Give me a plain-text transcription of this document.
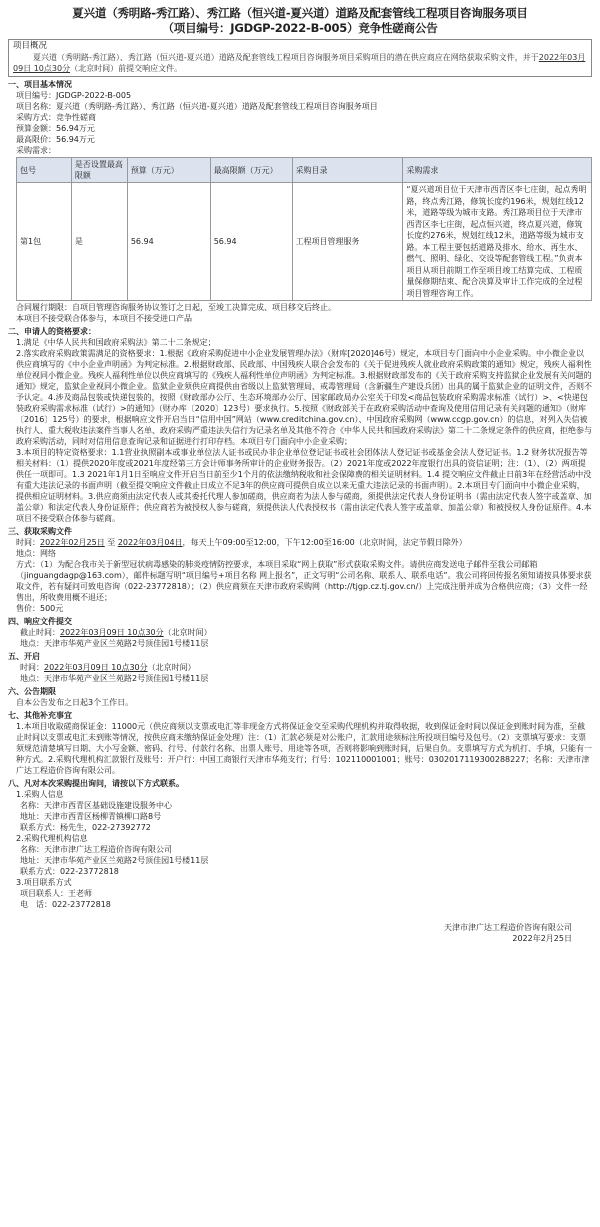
夏兴道（秀明路-秀江路）、秀江路（恒兴道-夏兴道）道路及配套管线工程项目咨询服务项目
（项目编号：JGDGP-2022-B-005）竞争性磋商公告
项目概况
夏兴道（秀明路-秀江路）、秀江路（恒兴道-夏兴道）道路及配套管线工程项目咨询服务项目采购项目的潜在供应商应在网络获取采购文件，并于2022年03月09日 10点30分（北京时间）前提交响应文件。
一、项目基本情况
项目编号：JGDGP-2022-B-005
项目名称：夏兴道（秀明路-秀江路）、秀江路（恒兴道-夏兴道）道路及配套管线工程项目咨询服务项目
采购方式：竞争性磋商
预算金额：56.94万元
最高限价：56.94万元
采购需求：
包号	是否设置最高限额	预算（万元）	最高限额（万元）	采购目录	采购需求
第1包	是	56.94	56.94	工程项目管理服务	“夏兴道项目位于天津市西青区李七庄街，起点秀明路，终点秀江路，修筑长度约196米，规划红线12米，道路等级为城市支路。秀江路项目位于天津市西青区李七庄街，起点恒兴道，终点夏兴道，修筑长度约276米，规划红线12米，道路等级为城市支路。本工程主要包括道路及排水、给水、再生水、燃气、照明、绿化、交设等配套管线工程。”负责本项目从项目前期工作至项目竣工结算完成、工程质量保修期结束、配合决算及审计工作完成的全过程项目管理咨询工作。
合同履行期限：自项目管理咨询服务协议签订之日起，至竣工决算完成、项目移交后终止。
本项目不接受联合体参与，本项目不接受进口产品
二、申请人的资格要求：
1.满足《中华人民共和国政府采购法》第二十二条规定；
2.落实政府采购政策需满足的资格要求：1.根据《政府采购促进中小企业发展管理办法》（财库[2020]46号）规定，本项目专门面向中小企业采购。中小微企业以供应商填写的《中小企业声明函》为判定标准。2.根据财政部、民政部、中国残疾人联合会发布的《关于促进残疾人就业政府采购政策的通知》规定，残疾人福利性单位视同小微企业。残疾人福利性单位以供应商填写的《残疾人福利性单位声明函》为判定标准。3.根据财政部发布的《关于政府采购支持监狱企业发展有关问题的通知》规定，监狱企业视同小微企业。监狱企业须供应商提供由省级以上监狱管理局、戒毒管理局（含新疆生产建设兵团）出具的属于监狱企业的证明文件，否则不予认定。4.涉及商品包装或快递包装的，按照《财政部办公厅、生态环境部办公厅、国家邮政局办公室关于印发<商品包装政府采购需求标准（试行）>、<快递包装政府采购需求标准（试行）>的通知》（财办库〔2020〕123号）要求执行。5.按照《财政部关于在政府采购活动中查询及使用信用记录有关问题的通知》（财库〔2016〕125号）的要求，根据响应文件开启当日“信用中国”网站（www.creditchina.gov.cn）、中国政府采购网（www.ccgp.gov.cn）的信息，对列入失信被执行人、重大税收违法案件当事人名单、政府采购严重违法失信行为记录名单及其他不符合《中华人民共和国政府采购法》第二十二条规定条件的供应商，拒绝参与政府采购活动，同时对信用信息查询记录和证据进行打印存档。本项目专门面向中小企业采购；
3.本项目的特定资格要求：1.1营业执照副本或事业单位法人证书或民办非企业单位登记证书或社会团体法人登记证书或基金会法人登记证书。1.2 财务状况报告等相关材料：（1）提供2020年度或2021年度经第三方会计师事务所审计的企业财务报告。（2）2021年度或2022年度银行出具的资信证明；注：（1）、（2）两项提供任一项即可。1.3 2021年1月1日至响应文件开启当日前至少1个月的依法缴纳税收和社会保障费的相关证明材料。1.4 提交响应文件截止日前3年在经营活动中没有重大违法记录的书面声明（截至提交响应文件截止日成立不足3年的供应商可提供自成立以来无重大违法记录的书面声明）。2.本项目专门面向中小微企业采购，提供相应证明材料。3.供应商须由法定代表人或其委托代理人参加磋商，供应商若为法人参与磋商，须提供法定代表人身份证明书（需由法定代表人签字或盖章、加盖公章）和法定代表人身份证原件；供应商若为被授权人参与磋商，须提供法人代表授权书（需由法定代表人签字或盖章、加盖公章）和被授权人身份证原件。4.本项目不接受联合体参与磋商。
三、获取采购文件
时间：2022年02月25日 至 2022年03月04日，每天上午09:00至12:00，下午12:00至16:00（北京时间，法定节假日除外）
地点：网络
方式：（1）为配合我市关于新型冠状病毒感染的肺炎疫情防控要求，本项目采取“网上获取”形式获取采购文件。请供应商发送电子邮件至我公司邮箱（jinguangdagp@163.com），邮件标题写明“项目编号+项目名称 网上报名”，正文写明“公司名称、联系人、联系电话”。我公司将回传报名须知请按具体要求获取文件，若有疑问可致电咨询（022-23772818）；（2）供应商须在天津市政府采购网（http://tjgp.cz.tj.gov.cn/）上完成注册并成为合格供应商；（3）文件一经售出，所收费用概不退还；
售价：500元
四、响应文件提交
截止时间：2022年03月09日 10点30分（北京时间）
地点：天津市华苑产业区兰苑路2号顶佳园1号楼11层
五、开启
时间：2022年03月09日 10点30分（北京时间）
地点：天津市华苑产业区兰苑路2号顶佳园1号楼11层
六、公告期限
自本公告发布之日起3个工作日。
七、其他补充事宜
1.本项目收取磋商保证金：11000元（供应商须以支票或电汇等非现金方式将保证金交至采购代理机构并取得收据，收到保证金时间以保证金到账时间为准，至截止时间以支票或电汇未到账等情况，按供应商未缴纳保证金处理）注：（1）汇款必须是对公账户，汇款用途须标注所投项目编号及包号。（2）支票填写要求：支票须规范清楚填写日期、大小写金额、密码、行号、付款行名称、出票人账号、用途等各项，否则将影响到账时间，后果自负。支票填写方式为机打、手填，只能有一种方式。2.采购代理机构汇款银行及账号：开户行：中国工商银行天津市华苑支行；行号：102110001001；账号：0302017119300288227；名称：天津市津广达工程造价咨询有限公司。
八、凡对本次采购提出询问，请按以下方式联系。
1.采购人信息
名称：天津市西青区基础设施建设服务中心
地址：天津市西青区杨柳青镇柳口路8号
联系方式：杨先生，022-27392772
2.采购代理机构信息
名称：天津市津广达工程造价咨询有限公司
地址：天津市华苑产业区兰苑路2号顶佳园1号楼11层
联系方式：022-23772818
3.项目联系方式
项目联系人：王老师
电　话：022-23772818
天津市津广达工程造价咨询有限公司
2022年2月25日
